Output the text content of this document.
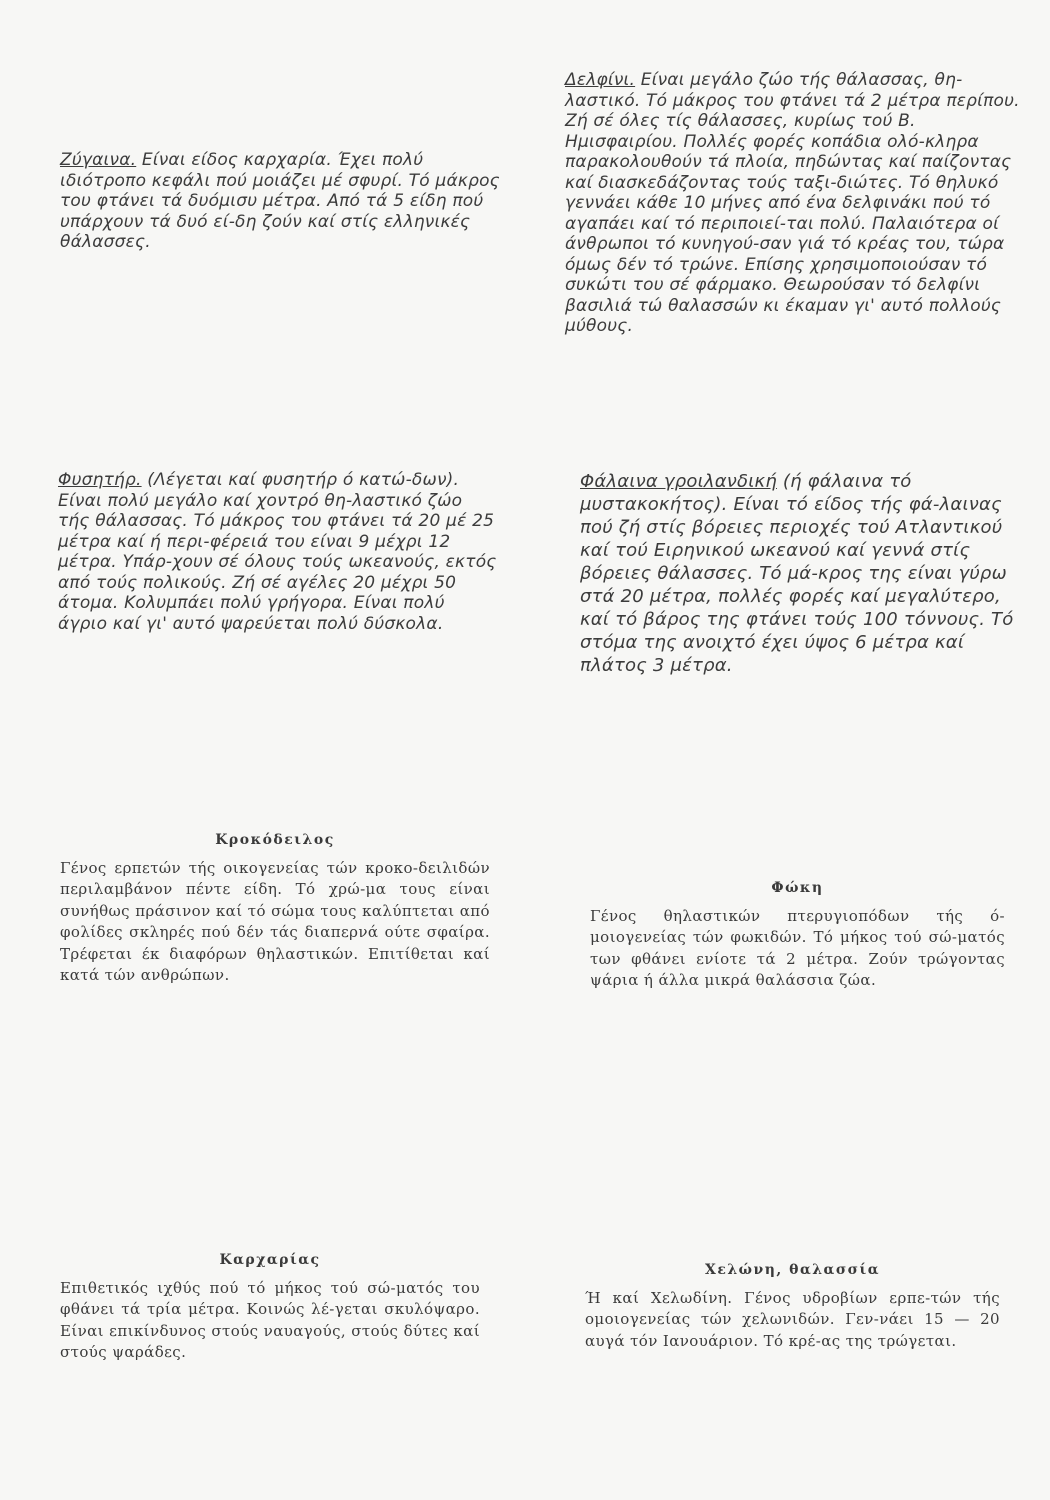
Ζύγαινα. Είναι είδος καρχαρία. Έχει πολύ ιδιότροπο κεφάλι πού μοιάζει μέ σφυρί. Τό μάκρος του φτάνει τά δυόμισυ μέτρα. Από τά 5 είδη πού υπάρχουν τά δυό εί-δη ζούν καί στίς ελληνικές θάλασσες.
Δελφίνι. Είναι μεγάλο ζώο τής θάλασσας, θη-λαστικό. Τό μάκρος του φτάνει τά 2 μέτρα περίπου. Ζή σέ όλες τίς θάλασσες, κυρίως τού Β. Ημισφαιρίου. Πολλές φορές κοπάδια ολό-κληρα παρακολουθούν τά πλοία, πηδώντας καί παίζοντας καί διασκεδάζοντας τούς ταξι-διώτες. Τό θηλυκό γεννάει κάθε 10 μήνες από ένα δελφινάκι πού τό αγαπάει καί τό περιποιεί-ται πολύ. Παλαιότερα οί άνθρωποι τό κυνηγού-σαν γιά τό κρέας του, τώρα όμως δέν τό τρώνε. Επίσης χρησιμοποιούσαν τό συκώτι του σέ φάρμακο. Θεωρούσαν τό δελφίνι βασιλιά τώ θαλασσών κι έκαμαν γι' αυτό πολλούς μύθους.
Φυσητήρ. (Λέγεται καί φυσητήρ ό κατώ-δων). Είναι πολύ μεγάλο καί χοντρό θη-λαστικό ζώο τής θάλασσας. Τό μάκρος του φτάνει τά 20 μέ 25 μέτρα καί ή περι-φέρειά του είναι 9 μέχρι 12 μέτρα. Υπάρ-χουν σέ όλους τούς ωκεανούς, εκτός από τούς πολικούς. Ζή σέ αγέλες 20 μέχρι 50 άτομα. Κολυμπάει πολύ γρήγορα. Είναι πολύ άγριο καί γι' αυτό ψαρεύεται πολύ δύσκολα.
Φάλαινα γροιλανδική (ή φάλαινα τό μυστακοκήτος). Είναι τό είδος τής φά-λαινας πού ζή στίς βόρειες περιοχές τού Ατλαντικού καί τού Ειρηνικού ωκεανού καί γεννά στίς βόρειες θάλασσες. Τό μά-κρος της είναι γύρω στά 20 μέτρα, πολλές φορές καί μεγαλύτερο, καί τό βάρος της φτάνει τούς 100 τόννους. Τό στόμα της ανοιχτό έχει ύψος 6 μέτρα καί πλάτος 3 μέτρα.
Κροκόδειλος
Γένος ερπετών τής οικογενείας τών κροκο-δειλιδών περιλαμβάνον πέντε είδη. Τό χρώ-μα τους είναι συνήθως πράσινον καί τό σώμα τους καλύπτεται από φολίδες σκληρές πού δέν τάς διαπερνά ούτε σφαίρα. Τρέφεται έκ διαφόρων θηλαστικών. Επιτίθεται καί κατά τών ανθρώπων.
Φώκη
Γένος θηλαστικών πτερυγιοπόδων τής ό-μοιογενείας τών φωκιδών. Τό μήκος τού σώ-ματός των φθάνει ενίοτε τά 2 μέτρα. Ζούν τρώγοντας ψάρια ή άλλα μικρά θαλάσσια ζώα.
Καρχαρίας
Επιθετικός ιχθύς πού τό μήκος τού σώ-ματός του φθάνει τά τρία μέτρα. Κοινώς λέ-γεται σκυλόψαρο. Είναι επικίνδυνος στούς ναυαγούς, στούς δύτες καί στούς ψαράδες.
Χελώνη, θαλασσία
Ή καί Χελωδίνη. Γένος υδροβίων ερπε-τών τής ομοιογενείας τών χελωνιδών. Γεν-νάει 15 — 20 αυγά τόν Ιανουάριον. Τό κρέ-ας της τρώγεται.
